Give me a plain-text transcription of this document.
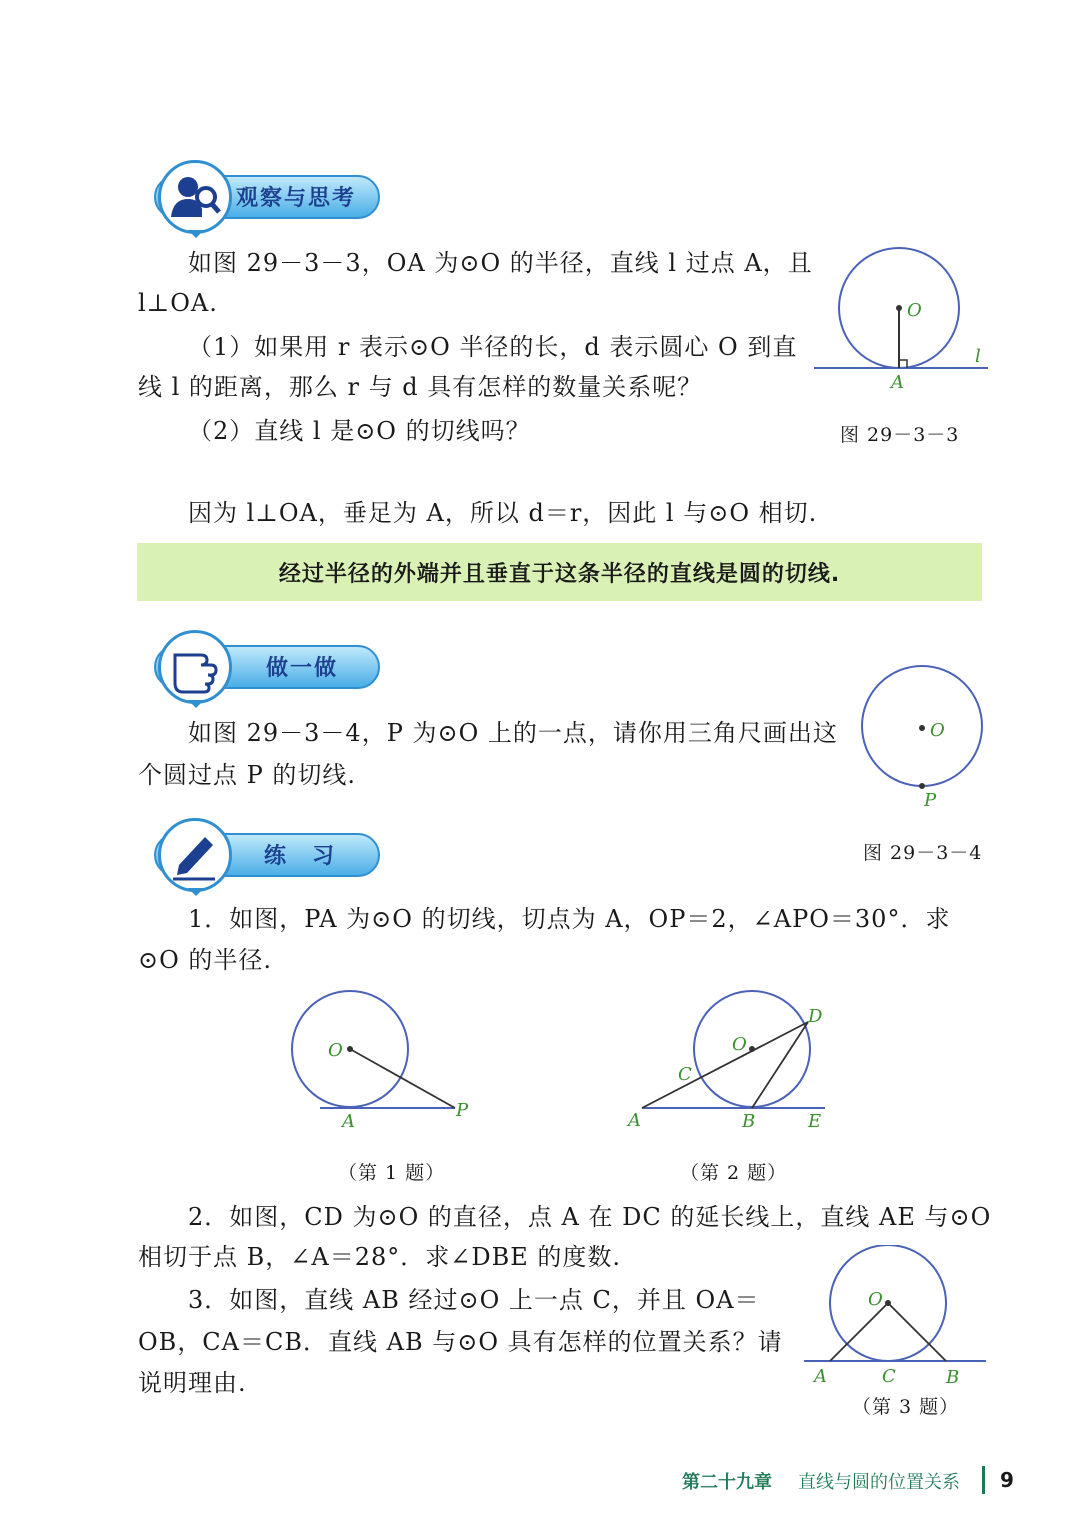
观察与思考
如图 29－3－3，OA 为⊙O 的半径，直线 l 过点 A，且
l⊥OA.
（1）如果用 r 表示⊙O 半径的长，d 表示圆心 O 到直
线 l 的距离，那么 r 与 d 具有怎样的数量关系呢？
（2）直线 l 是⊙O 的切线吗？
O
A
l
图 29－3－3
因为 l⊥OA，垂足为 A，所以 d＝r，因此 l 与⊙O 相切.
经过半径的外端并且垂直于这条半径的直线是圆的切线.
做一做
如图 29－3－4，P 为⊙O 上的一点，请你用三角尺画出这
个圆过点 P 的切线.
O
P
图 29－3－4
练　习
1．如图，PA 为⊙O 的切线，切点为 A，OP＝2，∠APO＝30°．求
⊙O 的半径.
O
A
P
（第 1 题）
O
C
D
A	B	E
（第 2 题）
2．如图，CD 为⊙O 的直径，点 A 在 DC 的延长线上，直线 AE 与⊙O
相切于点 B，∠A＝28°．求∠DBE 的度数.
3．如图，直线 AB 经过⊙O 上一点 C，并且 OA＝
OB，CA＝CB．直线 AB 与⊙O 具有怎样的位置关系？请
说明理由.
O
A	C	B
（第 3 题）
第二十九章 直线与圆的位置关系 9
